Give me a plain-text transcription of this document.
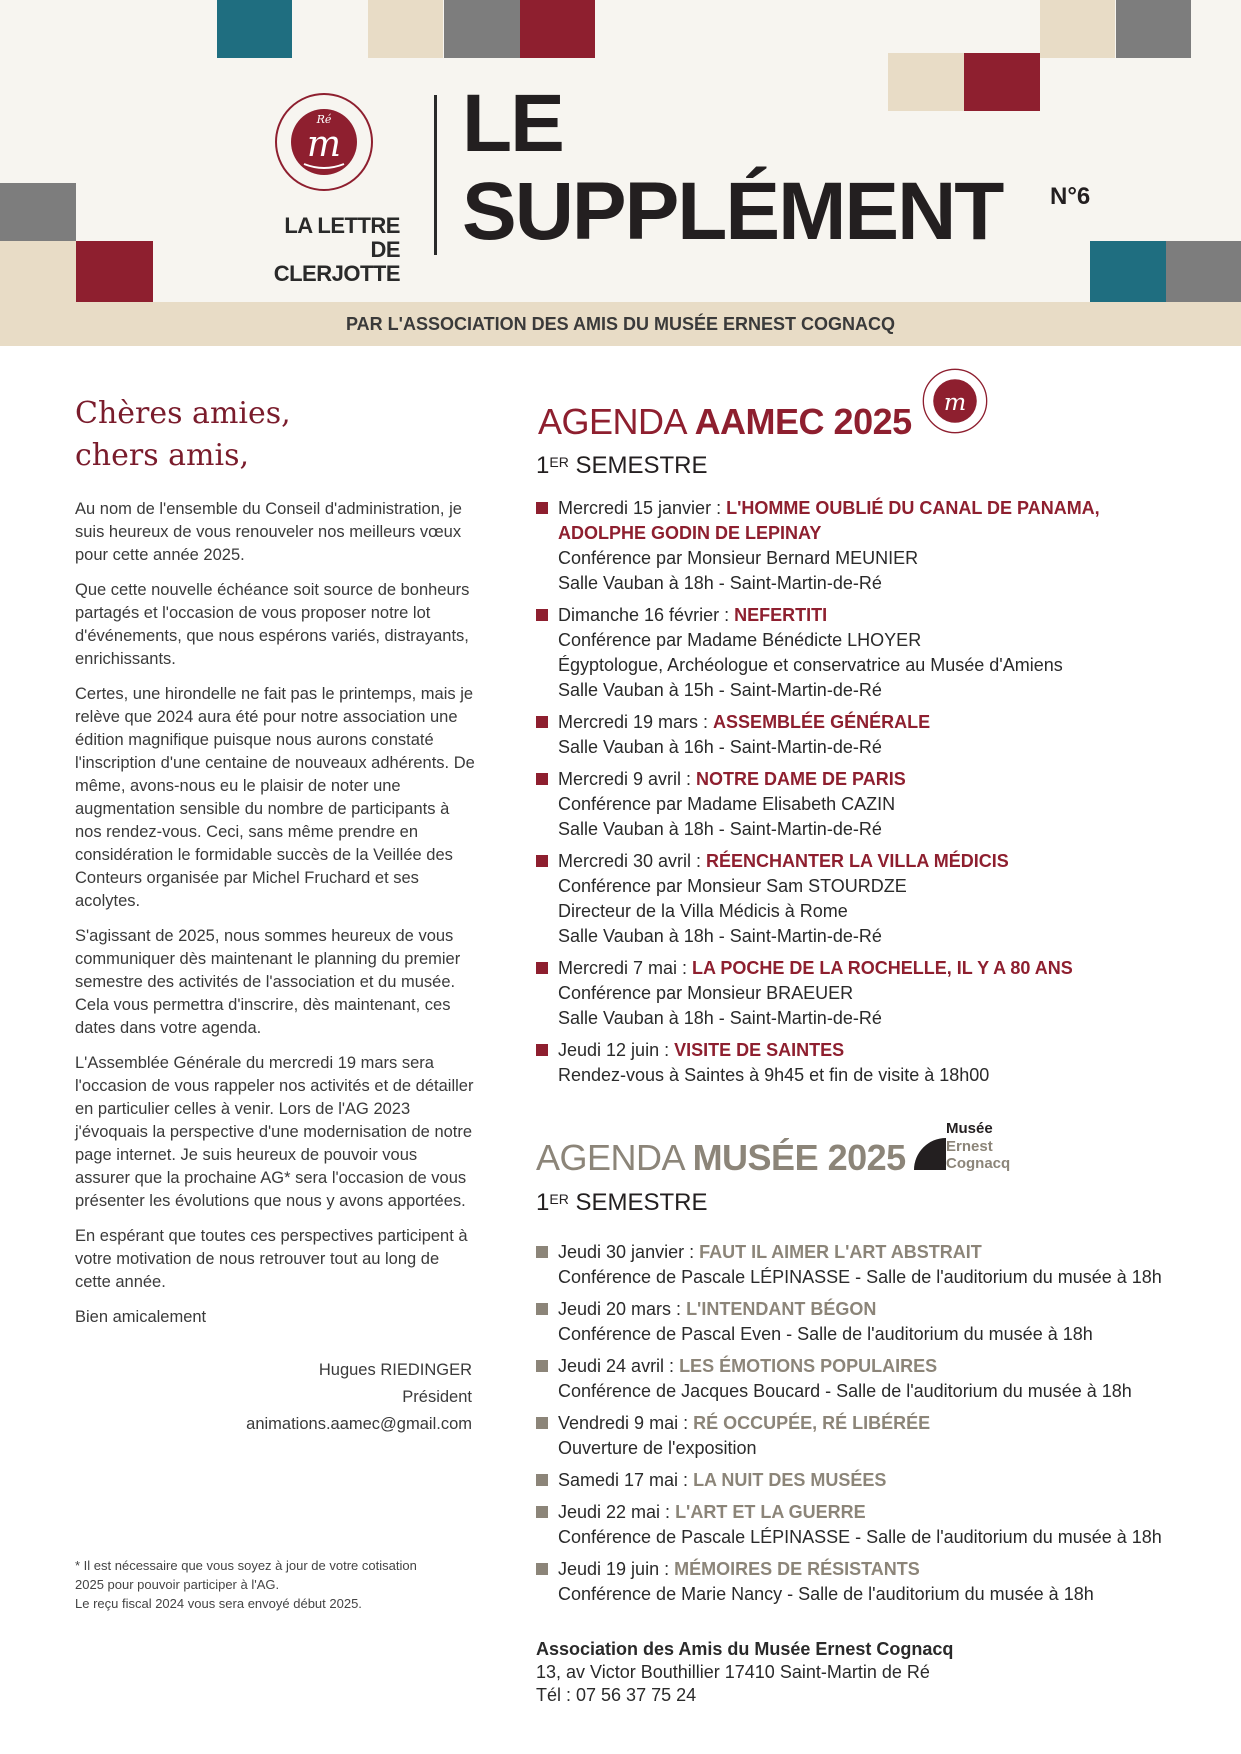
Ré
m
LA LETTRE
DE CLERJOTTE
LE
SUPPLÉMENT N°6
PAR L'ASSOCIATION DES AMIS DU MUSÉE ERNEST COGNACQ
Chères amies,
chers amis,

Au nom de l'ensemble du Conseil d'administration, je suis heureux de vous renouveler nos meilleurs vœux pour cette année 2025.

Que cette nouvelle échéance soit source de bonheurs partagés et l'occasion de vous proposer notre lot d'événements, que nous espérons variés, distrayants, enrichissants.

Certes, une hirondelle ne fait pas le printemps, mais je relève que 2024 aura été pour notre association une édition magnifique puisque nous aurons constaté l'inscription d'une centaine de nouveaux adhérents. De même, avons-nous eu le plaisir de noter une augmentation sensible du nombre de participants à nos rendez-vous. Ceci, sans même prendre en considération le formidable succès de la Veillée des Conteurs organisée par Michel Fruchard et ses acolytes.

S'agissant de 2025, nous sommes heureux de vous communiquer dès maintenant le planning du premier semestre des activités de l'association et du musée. Cela vous permettra d'inscrire, dès maintenant, ces dates dans votre agenda.

L'Assemblée Générale du mercredi 19 mars sera l'occasion de vous rappeler nos activités et de détailler en particulier celles à venir. Lors de l'AG 2023 j'évoquais la perspective d'une modernisation de notre page internet. Je suis heureux de pouvoir vous assurer que la prochaine AG* sera l'occasion de vous présenter les évolutions que nous y avons apportées.

En espérant que toutes ces perspectives participent à votre motivation de nous retrouver tout au long de cette année.

Bien amicalement

Hugues RIEDINGER
Président
animations.aamec@gmail.com
* Il est nécessaire que vous soyez à jour de votre cotisation
2025 pour pouvoir participer à l'AG.
Le reçu fiscal 2024 vous sera envoyé début 2025.
AGENDA AAMEC 2025 m
1ER SEMESTRE
Mercredi 15 janvier : L'HOMME OUBLIÉ DU CANAL DE PANAMA,
ADOLPHE GODIN DE LEPINAY
Conférence par Monsieur Bernard MEUNIER
Salle Vauban à 18h - Saint-Martin-de-Ré
Dimanche 16 février : NEFERTITI
Conférence par Madame Bénédicte LHOYER
Égyptologue, Archéologue et conservatrice au Musée d'Amiens
Salle Vauban à 15h - Saint-Martin-de-Ré
Mercredi 19 mars : ASSEMBLÉE GÉNÉRALE
Salle Vauban à 16h - Saint-Martin-de-Ré
Mercredi 9 avril : NOTRE DAME DE PARIS
Conférence par Madame Elisabeth CAZIN
Salle Vauban à 18h - Saint-Martin-de-Ré
Mercredi 30 avril : RÉENCHANTER LA VILLA MÉDICIS
Conférence par Monsieur Sam STOURDZE
Directeur de la Villa Médicis à Rome
Salle Vauban à 18h - Saint-Martin-de-Ré
Mercredi 7 mai : LA POCHE DE LA ROCHELLE, IL Y A 80 ANS
Conférence par Monsieur BRAEUER
Salle Vauban à 18h - Saint-Martin-de-Ré
Jeudi 12 juin : VISITE DE SAINTES
Rendez-vous à Saintes à 9h45 et fin de visite à 18h00
AGENDA MUSÉE 2025
Musée
Ernest
Cognacq
1ER SEMESTRE
Jeudi 30 janvier : FAUT IL AIMER L'ART ABSTRAIT
Conférence de Pascale LÉPINASSE - Salle de l'auditorium du musée à 18h
Jeudi 20 mars : L'INTENDANT BÉGON
Conférence de Pascal Even - Salle de l'auditorium du musée à 18h
Jeudi 24 avril : LES ÉMOTIONS POPULAIRES
Conférence de Jacques Boucard - Salle de l'auditorium du musée à 18h
Vendredi 9 mai : RÉ OCCUPÉE, RÉ LIBÉRÉE
Ouverture de l'exposition
Samedi 17 mai : LA NUIT DES MUSÉES
Jeudi 22 mai : L'ART ET LA GUERRE
Conférence de Pascale LÉPINASSE - Salle de l'auditorium du musée à 18h
Jeudi 19 juin : MÉMOIRES DE RÉSISTANTS
Conférence de Marie Nancy - Salle de l'auditorium du musée à 18h
Association des Amis du Musée Ernest Cognacq
13, av Victor Bouthillier 17410 Saint-Martin de Ré
Tél : 07 56 37 75 24
